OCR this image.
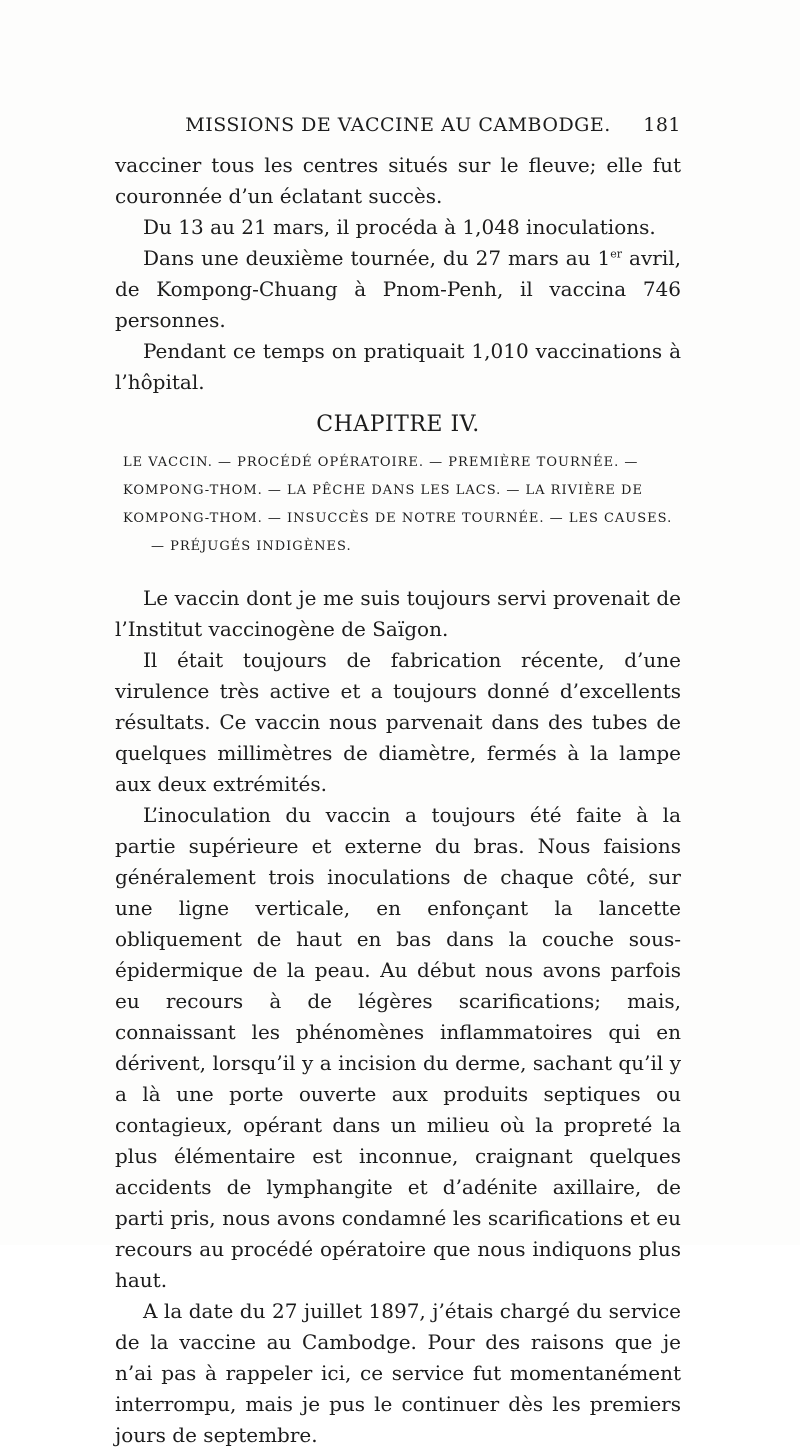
MISSIONS DE VACCINE AU CAMBODGE.	181

vacciner tous les centres situés sur le fleuve; elle fut couronnée d’un éclatant succès.

Du 13 au 21 mars, il procéda à 1,048 inoculations.

Dans une deuxième tournée, du 27 mars au 1er avril, de Kompong-Chuang à Pnom-Penh, il vaccina 746 personnes.

Pendant ce temps on pratiquait 1,010 vaccinations à l’hôpital.

CHAPITRE IV.
LE VACCIN. — PROCÉDÉ OPÉRATOIRE. — PREMIÈRE TOURNÉE. —
KOMPONG-THOM. — LA PÊCHE DANS LES LACS. — LA RIVIÈRE DE
KOMPONG-THOM. — INSUCCÈS DE NOTRE TOURNÉE. — LES CAUSES.
— PRÉJUGÉS INDIGÈNES.

Le vaccin dont je me suis toujours servi provenait de l’Institut vaccinogène de Saïgon.

Il était toujours de fabrication récente, d’une virulence très active et a toujours donné d’excellents résultats. Ce vaccin nous parvenait dans des tubes de quelques millimètres de diamètre, fermés à la lampe aux deux extrémités.

L’inoculation du vaccin a toujours été faite à la partie supérieure et externe du bras. Nous faisions généralement trois inoculations de chaque côté, sur une ligne verticale, en enfonçant la lancette obliquement de haut en bas dans la couche sous-épidermique de la peau. Au début nous avons parfois eu recours à de légères scarifications; mais, connaissant les phénomènes inflammatoires qui en dérivent, lorsqu’il y a incision du derme, sachant qu’il y a là une porte ouverte aux produits septiques ou contagieux, opérant dans un milieu où la propreté la plus élémentaire est inconnue, craignant quelques accidents de lymphangite et d’adénite axillaire, de parti pris, nous avons condamné les scarifications et eu recours au procédé opératoire que nous indiquons plus haut.

A la date du 27 juillet 1897, j’étais chargé du service de la vaccine au Cambodge. Pour des raisons que je n’ai pas à rappeler ici, ce service fut momentanément interrompu, mais je pus le continuer dès les premiers jours de septembre.
